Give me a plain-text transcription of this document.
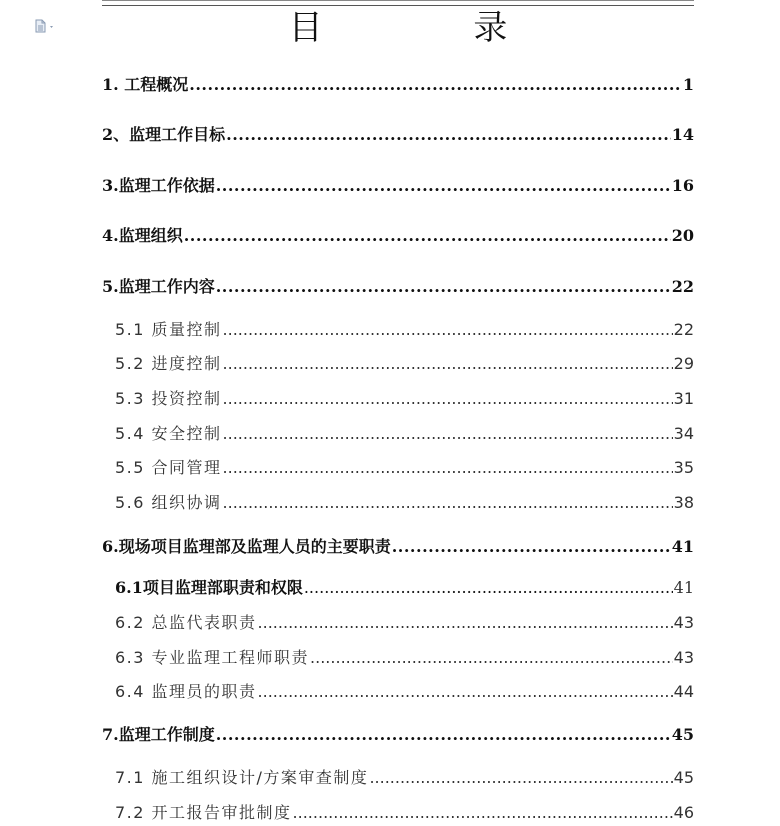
目 录
1. 工程概况 .....	1
2、监理工作目标 .....	14
3.监理工作依据 .....	16
4.监理组织 .....	20
5.监理工作内容 .....	22
5.1 质量控制 .....	22
5.2 进度控制 .....	29
5.3 投资控制 .....	31
5.4 安全控制 .....	34
5.5 合同管理 .....	35
5.6 组织协调 .....	38
6.现场项目监理部及监理人员的主要职责 .....	41
6.1项目监理部职责和权限 .....	41
6.2 总监代表职责 .....	43
6.3 专业监理工程师职责 .....	43
6.4 监理员的职责 .....	44
7.监理工作制度 .....	45
7.1 施工组织设计/方案审查制度 .....	45
7.2 开工报告审批制度 .....	46
